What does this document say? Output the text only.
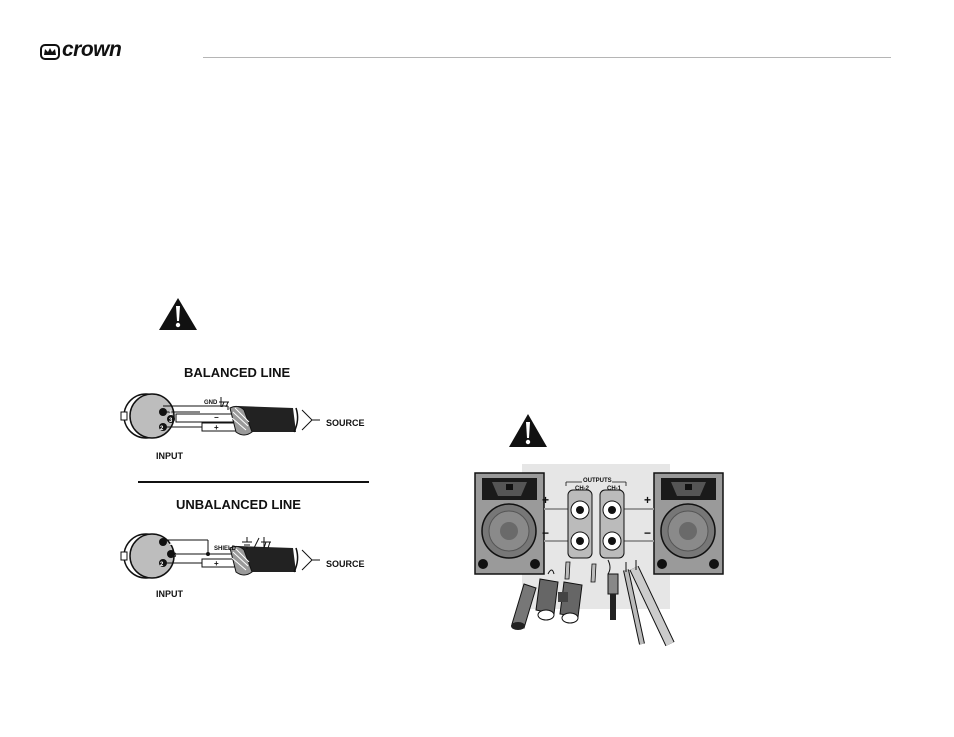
crown
BALANCED LINE
1
3
2
GND
−
+	SOURCE
INPUT
UNBALANCED LINE
1
3
2
SHIELD
+	SOURCE
INPUT
OUTPUTS
CH-2	CH-1
+
−
+
−
